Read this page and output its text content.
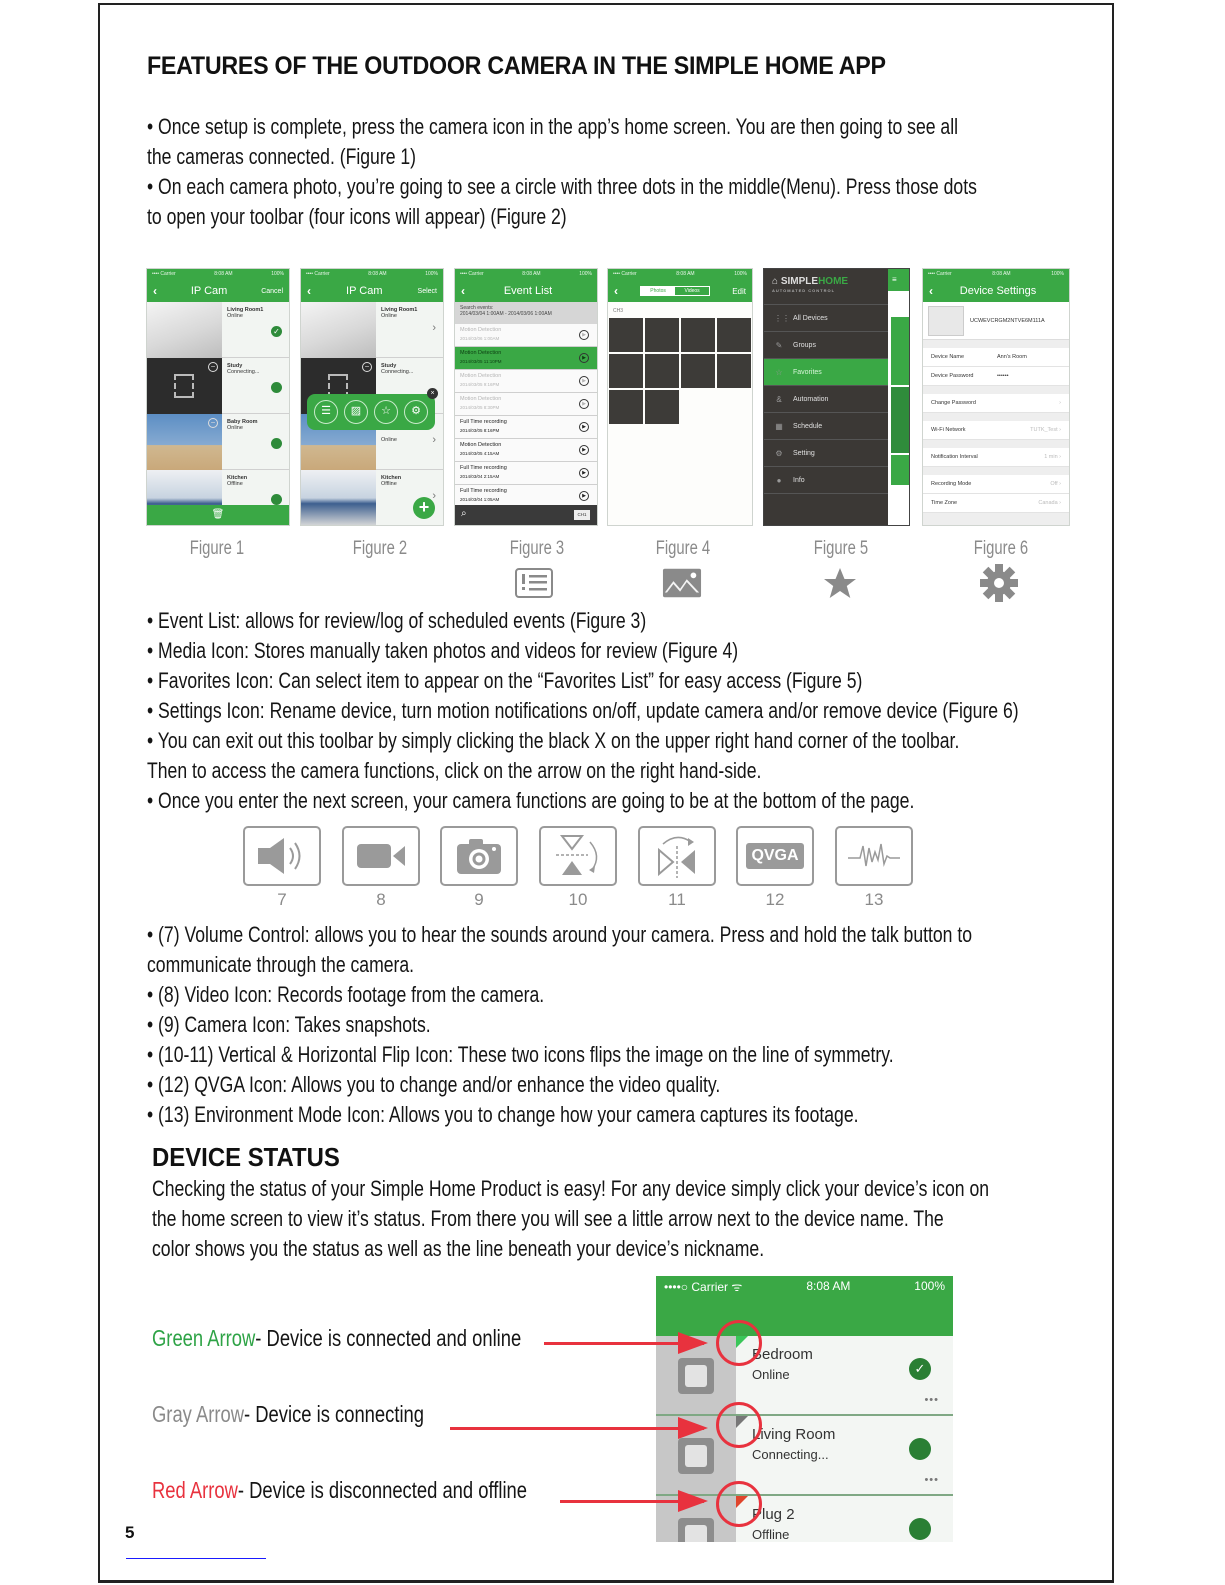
FEATURES OF THE OUTDOOR CAMERA IN THE SIMPLE HOME APP
• Once setup is complete, press the camera icon in the app’s home screen. You are then going to see all
the cameras connected. (Figure 1)
• On each camera photo, you’re going to see a circle with three dots in the middle(Menu). Press those dots
to open your toolbar (four icons will appear) (Figure 2)
•••• Carrier	8:08 AM	100%
‹	IP Cam	Cancel
Living Room1
Online
✓
−	Study
Connecting...
−	Baby Room
Online
Kitchen
Offline
🗑
•••• Carrier	8:08 AM	100%
‹	IP Cam	Select
Living Room1
Online
›
−	Study
Connecting...
Online	›
Kitchen
Offline
›
☰	▨	☆	⚙
×
+
•••• Carrier	8:08 AM	100%
‹	Event List
Search events:
2014/03/04 1:00AM - 2014/03/06 1:00AM
Motion Detection
2014/03/06 1:00AM
▶
Motion Detection
2014/03/05 11:10PM
▶
Motion Detection
2014/03/05 9:16PM
▶
Motion Detection
2014/03/05 8:30PM
▶
Full Time recording
2014/03/05 8:16PM
▶
Motion Detection
2014/03/05 4:15AM
▶
Full Time recording
2014/03/04 2:15AM
▶
Full Time recording
2014/03/04 1:05AM
▶
⌕	CH1
•••• Carrier	8:08 AM	100%
‹	Photos	Videos	Edit
CH3
⌂ SIMPLEHOME
AUTOMATED CONTROL
⋮⋮ All Devices
✎ Groups
☆ Favorites
&	Automation
▦ Schedule
⚙ Setting
●	Info
≡
•••• Carrier	8:08 AM	100%
‹	Device Settings
UCWEVCRGM2NTVE6M111A
Device Name	Ann's Room
Device Password	••••••
Change Password	›
Wi-Fi Network	TUTK_Test ›
Notification Interval	1 min ›
Recording Mode	Off ›
Time Zone	Canada ›
Figure 1	Figure 2	Figure 3	Figure 4	Figure 5	Figure 6
• Event List: allows for review/log of scheduled events (Figure 3)
• Media Icon: Stores manually taken photos and videos for review (Figure 4)
• Favorites Icon: Can select item to appear on the “Favorites List” for easy access (Figure 5)
• Settings Icon: Rename device, turn motion notifications on/off, update camera and/or remove device (Figure 6)
• You can exit out this toolbar by simply clicking the black X on the upper right hand corner of the toolbar.
Then to access the camera functions, click on the arrow on the right hand-side.
• Once you enter the next screen, your camera functions are going to be at the bottom of the page.
QVGA
7	8	9	10	11	12	13
• (7) Volume Control: allows you to hear the sounds around your camera. Press and hold the talk button to
communicate through the camera.
• (8) Video Icon: Records footage from the camera.
• (9) Camera Icon: Takes snapshots.
• (10-11) Vertical & Horizontal Flip Icon: These two icons flips the image on the line of symmetry.
• (12) QVGA Icon: Allows you to change and/or enhance the video quality.
• (13) Environment Mode Icon: Allows you to change how your camera captures its footage.
DEVICE STATUS
Checking the status of your Simple Home Product is easy! For any device simply click your device’s icon on
the home screen to view it’s status. From there you will see a little arrow next to the device name. The
color shows you the status as well as the line beneath your device’s nickname.
Green Arrow- Device is connected and online
Gray Arrow- Device is connecting
Red Arrow- Device is disconnected and offline
••••○ Carrier ᯤ	8:08 AM	100%
Bedroom
Online	✓
•••
Living Room
Connecting...
•••
Plug 2
Offline
5
